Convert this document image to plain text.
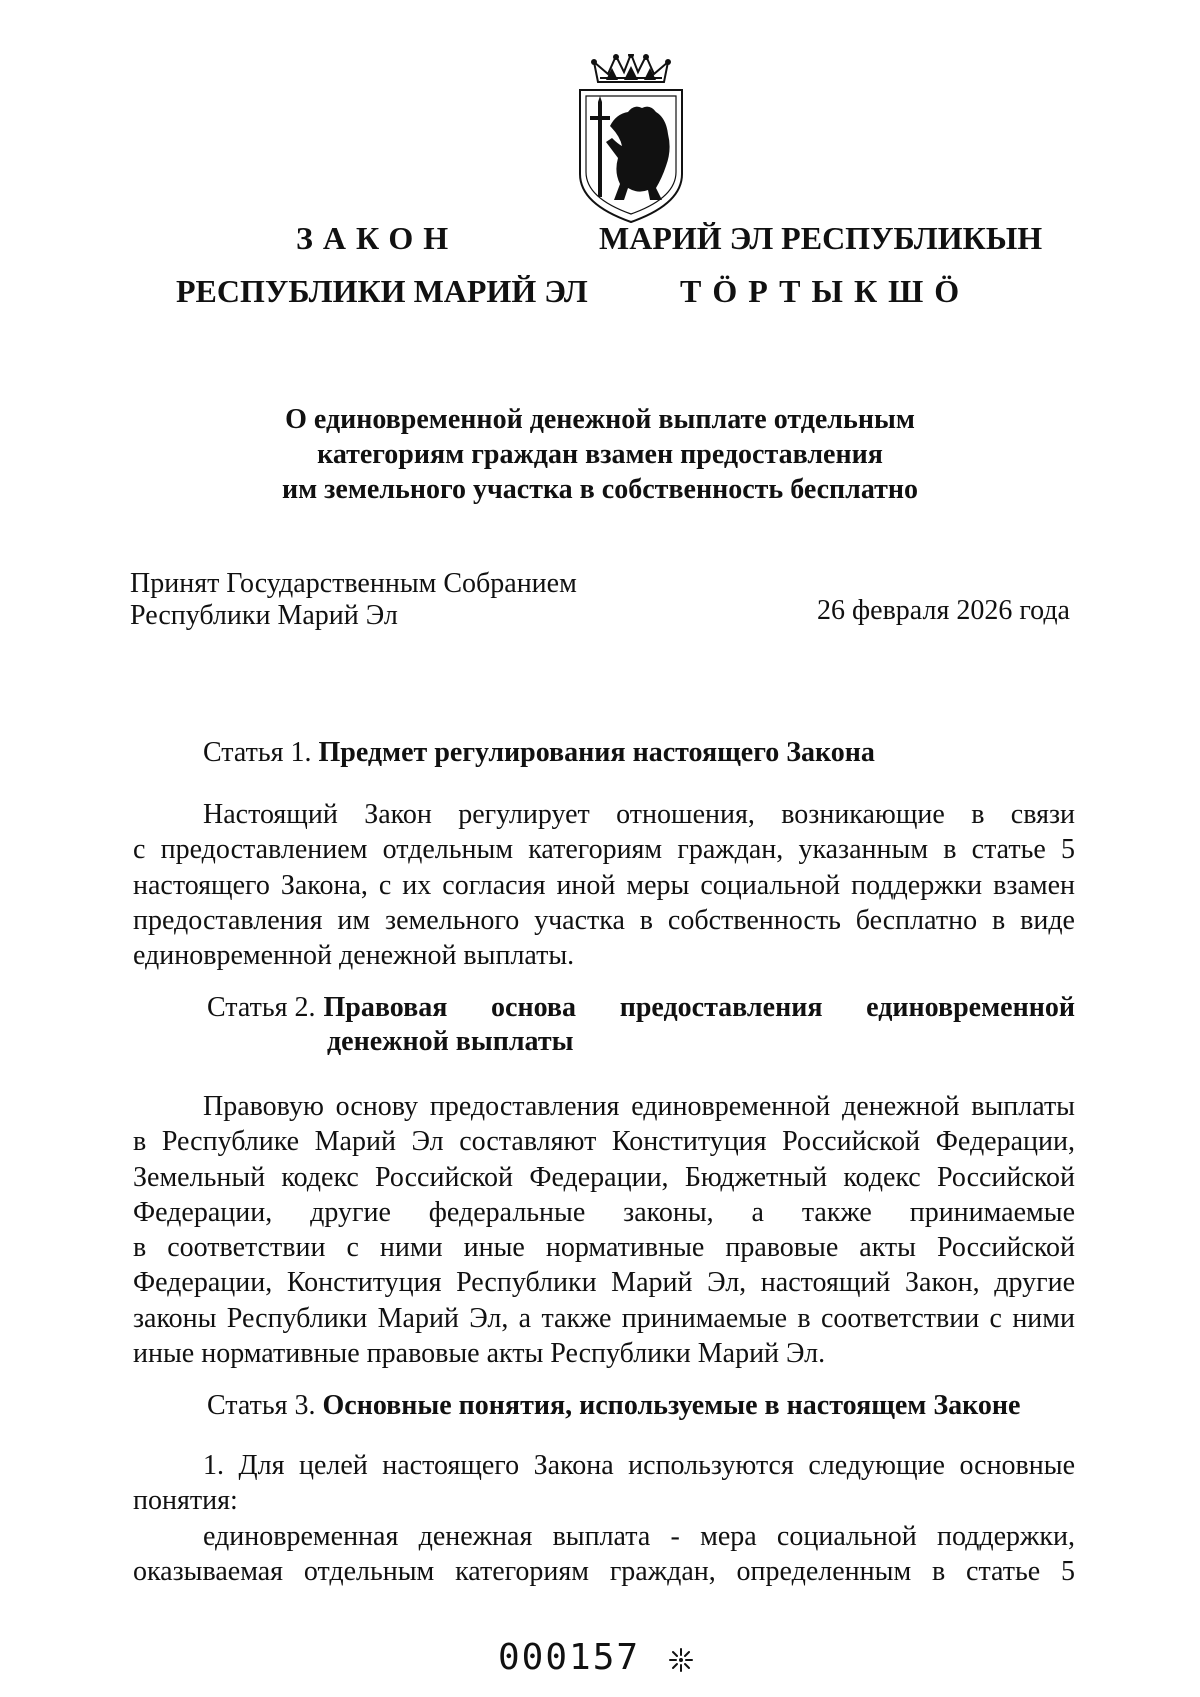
ЗАКОН
РЕСПУБЛИКИ МАРИЙ ЭЛ
МАРИЙ ЭЛ РЕСПУБЛИКЫН
ТӦРТЫКШӦ
О единовременной денежной выплате отдельным
категориям граждан взамен предоставления
им земельного участка в собственность бесплатно
Принят Государственным Собранием
Республики Марий Эл	26 февраля 2026 года
Статья 1. Предмет регулирования настоящего Закона
Настоящий Закон регулирует отношения, возникающие в связи
с предоставлением отдельным категориям граждан, указанным в статье 5
настоящего Закона, с их согласия иной меры социальной поддержки взамен
предоставления им земельного участка в собственность бесплатно в виде
единовременной денежной выплаты.
Статья 2. Правовая основа предоставления единовременной
денежной выплаты
Правовую основу предоставления единовременной денежной выплаты
в Республике Марий Эл составляют Конституция Российской Федерации,
Земельный кодекс Российской Федерации, Бюджетный кодекс Российской
Федерации, другие федеральные законы, а также принимаемые
в соответствии с ними иные нормативные правовые акты Российской
Федерации, Конституция Республики Марий Эл, настоящий Закон, другие
законы Республики Марий Эл, а также принимаемые в соответствии с ними
иные нормативные правовые акты Республики Марий Эл.
Статья 3. Основные понятия, используемые в настоящем Законе
1. Для целей настоящего Закона используются следующие основные
понятия:
единовременная денежная выплата - мера социальной поддержки,
оказываемая отдельным категориям граждан, определенным в статье 5
000157
